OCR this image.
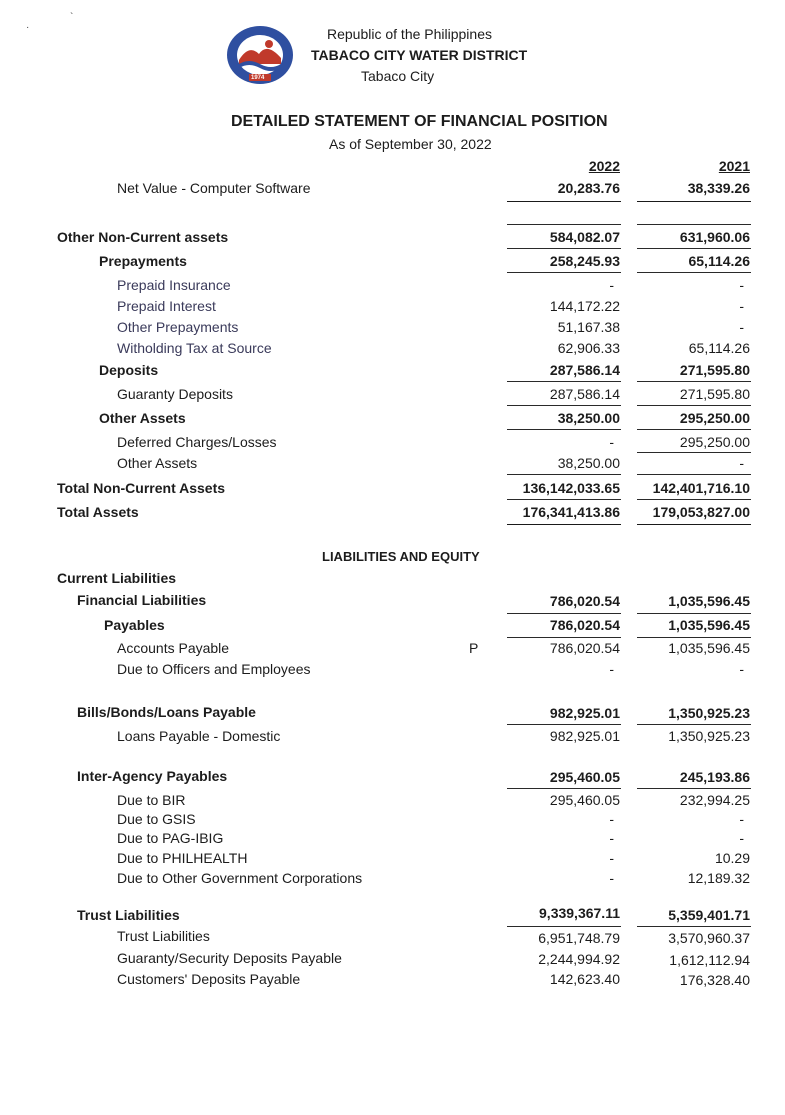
·
`
1974
Republic of the Philippines
TABACO CITY WATER DISTRICT
Tabaco City
DETAILED STATEMENT OF FINANCIAL POSITION
As of September 30, 2022
2022	2021
Net Value - Computer Software	20,283.76	38,339.26
Other Non-Current assets	584,082.07	631,960.06
Prepayments	258,245.93	65,114.26
Prepaid Insurance	-	-
Prepaid Interest	144,172.22	-
Other Prepayments	51,167.38	-
Witholding Tax at Source	62,906.33	65,114.26
Deposits	287,586.14	271,595.80
Guaranty Deposits	287,586.14	271,595.80
Other Assets	38,250.00	295,250.00
Deferred Charges/Losses	-	295,250.00
Other Assets	38,250.00	-
Total Non-Current Assets	136,142,033.65	142,401,716.10
Total Assets	176,341,413.86	179,053,827.00
LIABILITIES AND EQUITY
Current Liabilities
Financial Liabilities	786,020.54	1,035,596.45
Payables	786,020.54	1,035,596.45
Accounts Payable	P	786,020.54	1,035,596.45
Due to Officers and Employees	-	-
Bills/Bonds/Loans Payable	982,925.01	1,350,925.23
Loans Payable - Domestic	982,925.01	1,350,925.23
Inter-Agency Payables	295,460.05	245,193.86
Due to BIR	295,460.05	232,994.25
Due to GSIS	-	-
Due to PAG-IBIG	-	-
Due to PHILHEALTH	-	10.29
Due to Other Government Corporations	-	12,189.32
Trust Liabilities	9,339,367.11	5,359,401.71
Trust Liabilities	6,951,748.79	3,570,960.37
Guaranty/Security Deposits Payable	2,244,994.92	1,612,112.94
Customers' Deposits Payable	142,623.40	176,328.40
